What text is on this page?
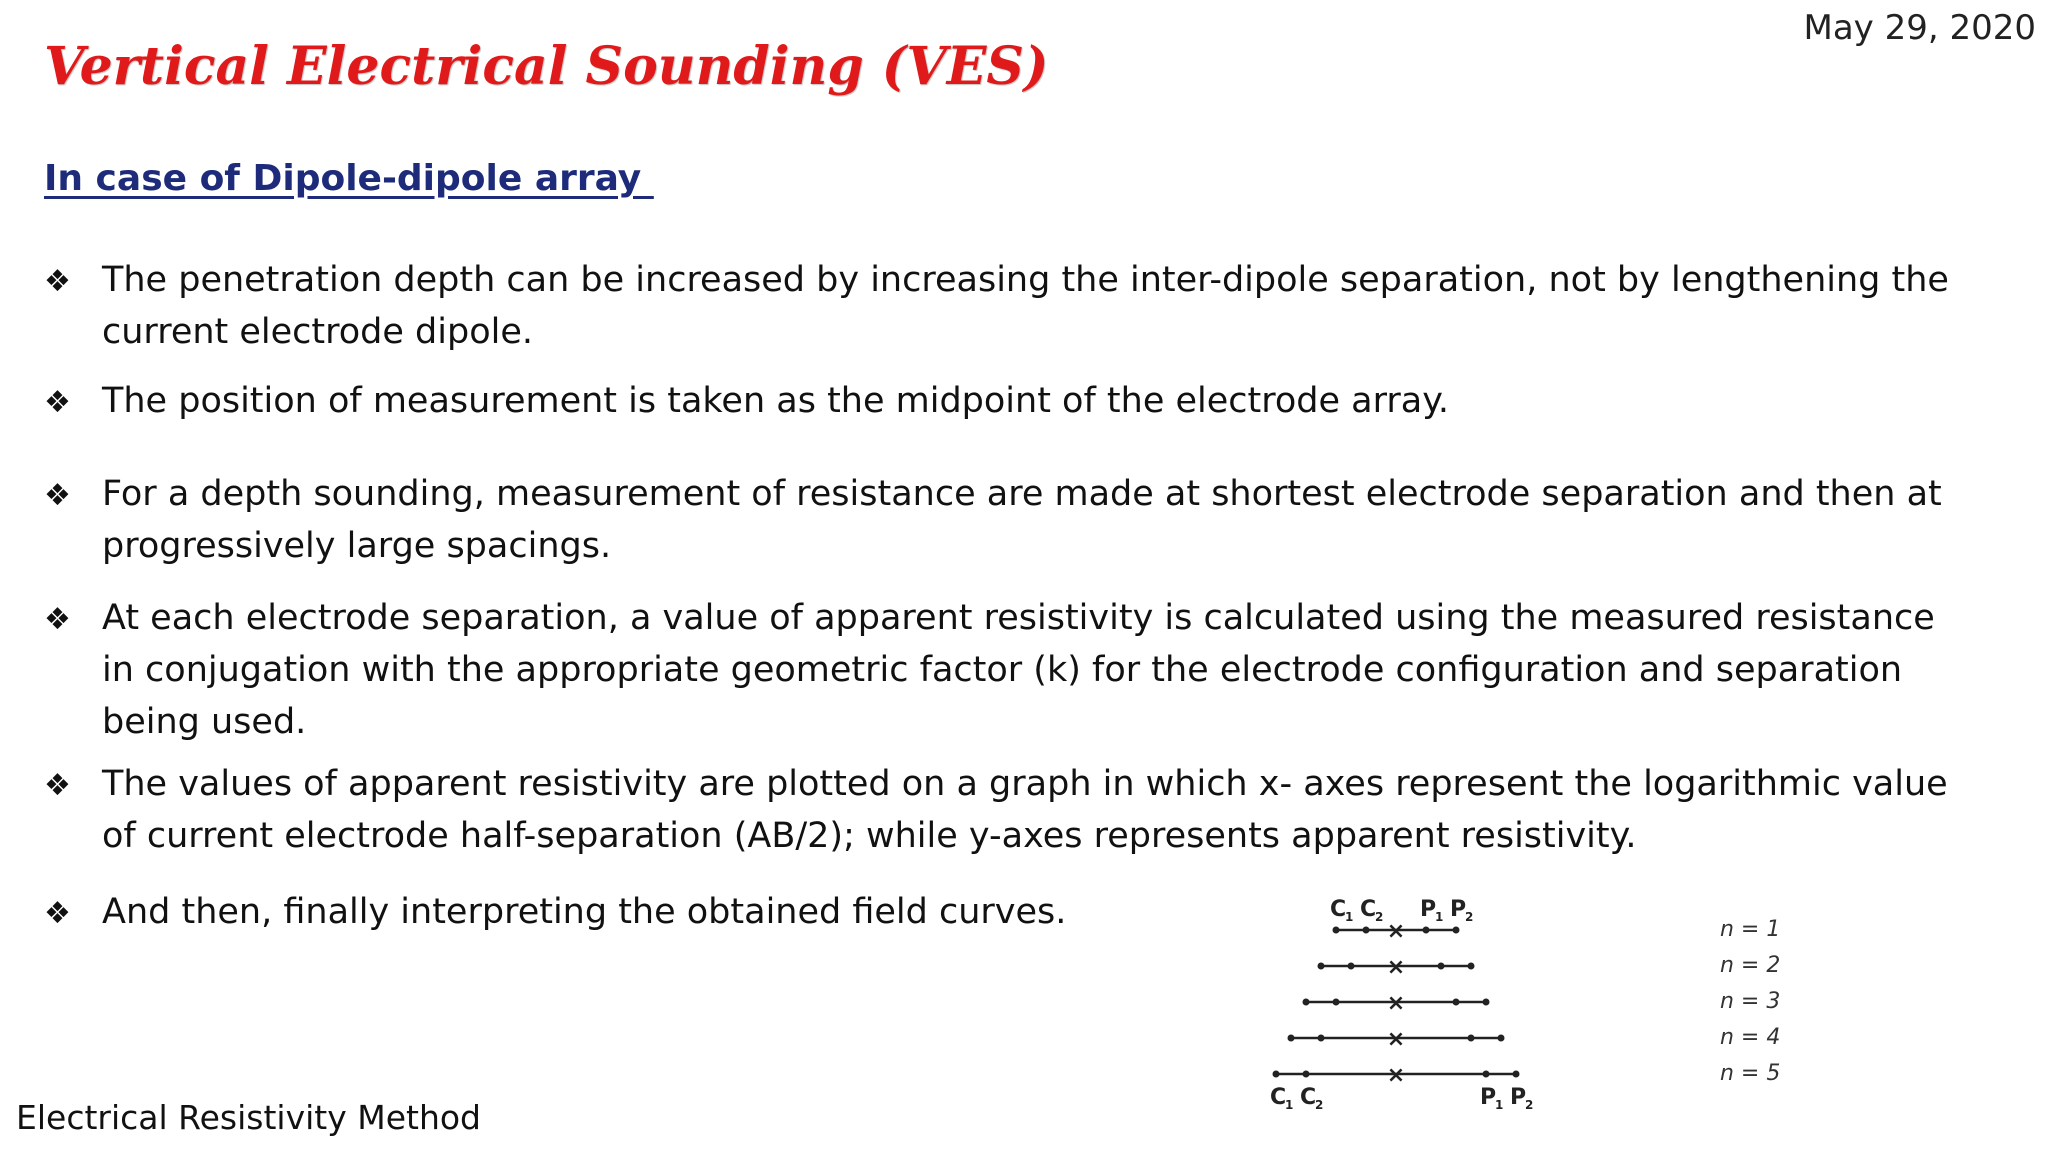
May 29, 2020
Vertical Electrical Sounding (VES)
In case of Dipole-dipole array
❖ The penetration depth can be increased by increasing the inter-dipole separation, not by lengthening the current electrode dipole.
❖ The position of measurement is taken as the midpoint of the electrode array.
❖ For a depth sounding, measurement of resistance are made at shortest electrode separation and then at progressively large spacings.
❖ At each electrode separation, a value of apparent resistivity is calculated using the measured resistance in conjugation with the appropriate geometric factor (k) for the electrode configuration and separation being used.
❖ The values of apparent resistivity are plotted on a graph in which x- axes represent the logarithmic value of current electrode half-separation (AB/2); while y-axes represents apparent resistivity.
❖ And then, finally interpreting the obtained field curves.	×	n = 1
×	n = 2
×	n = 3
×	n = 4
×	n = 5
C
1 C
2 P
1 P
2
C
1 C
2	P
1 P
2
Electrical Resistivity Method
